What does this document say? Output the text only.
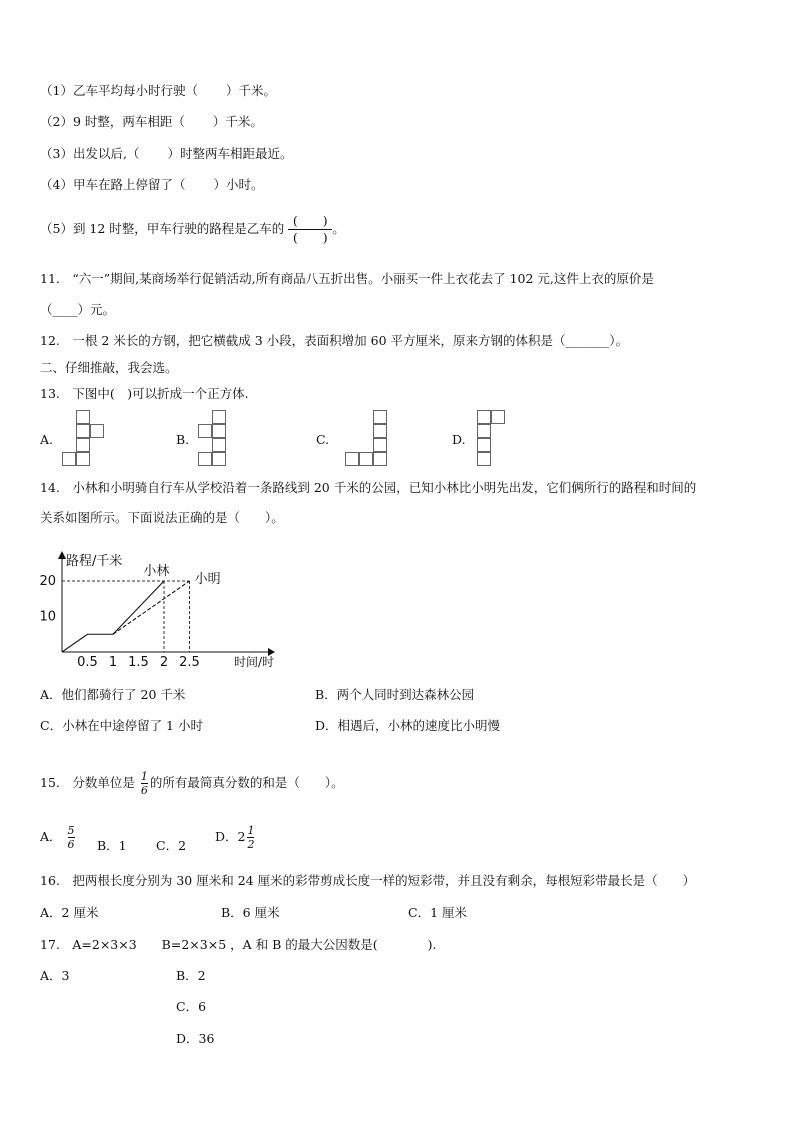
（1）乙车平均每小时行驶（ ）千米。
（2）9 时整，两车相距（ ）千米。
（3）出发以后,（ ）时整两车相距最近。
（4）甲车在路上停留了（ ）小时。
（5）到 12 时整，甲车行驶的路程是乙车的
(　　)
(　　)
。
11.　“六一”期间,某商场举行促销活动,所有商品八五折出售。小丽买一件上衣花去了 102 元,这件上衣的原价是
（____）元。
12.　一根 2 米长的方钢，把它横截成 3 小段，表面积增加 60 平方厘米，原来方钢的体积是（_______）。
二、仔细推敲，我会选。
13.　下图中(　)可以折成一个正方体.
A.	B.	C.	D.
14.　小林和小明骑自行车从学校沿着一条路线到 20 千米的公园，已知小林比小明先出发，它们俩所行的路程和时间的
关系如图所示。下面说法正确的是（　　）。
路程/千米
时间/时
10
20
0.5 1 1.5 2 2.5
小林
小明
A．他们都骑行了 20 千米	B．两个人同时到达森林公园
C．小林在中途停留了 1 小时	D．相遇后，小林的速度比小明慢
15.　分数单位是 $\frac{1}{6}$ 的所有最简真分数的和是（　　）。
A． $\frac{5}{6}$ B．1 C．2
D．$2 \frac{1}{2}$
16.　把两根长度分别为 30 厘米和 24 厘米的彩带剪成长度一样的短彩带，并且没有剩余，每根短彩带最长是（　　）
A．2 厘米	B．6 厘米	C．1 厘米
17.　A=2×3×3　　B=2×3×5 ，A 和 B 的最大公因数是(　　　　).
A．3	B．2
C．6
D．36
